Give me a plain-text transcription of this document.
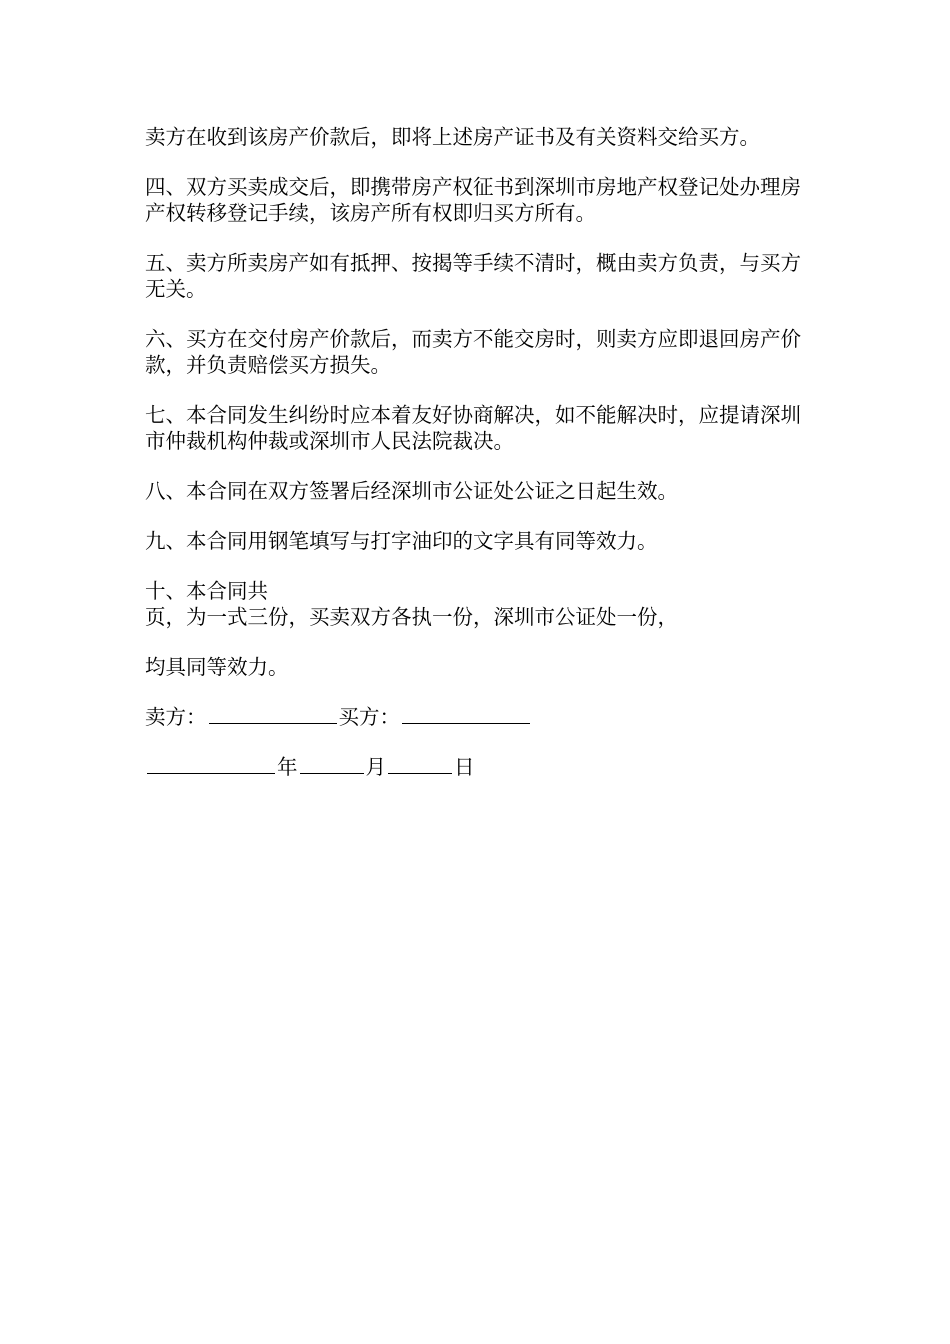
卖方在收到该房产价款后，即将上述房产证书及有关资料交给买方。

四、双方买卖成交后，即携带房产权征书到深圳市房地产权登记处办理房产权转移登记手续，该房产所有权即归买方所有。

五、卖方所卖房产如有抵押、按揭等手续不清时，概由卖方负责，与买方无关。

六、买方在交付房产价款后，而卖方不能交房时，则卖方应即退回房产价款，并负责赔偿买方损失。

七、本合同发生纠纷时应本着友好协商解决，如不能解决时，应提请深圳市仲裁机构仲裁或深圳市人民法院裁决。

八、本合同在双方签署后经深圳市公证处公证之日起生效。

九、本合同用钢笔填写与打字油印的文字具有同等效力。

十、本合同共

页，为一式三份，买卖双方各执一份，深圳市公证处一份，

均具同等效力。

卖方：	买方：
年	月	日
